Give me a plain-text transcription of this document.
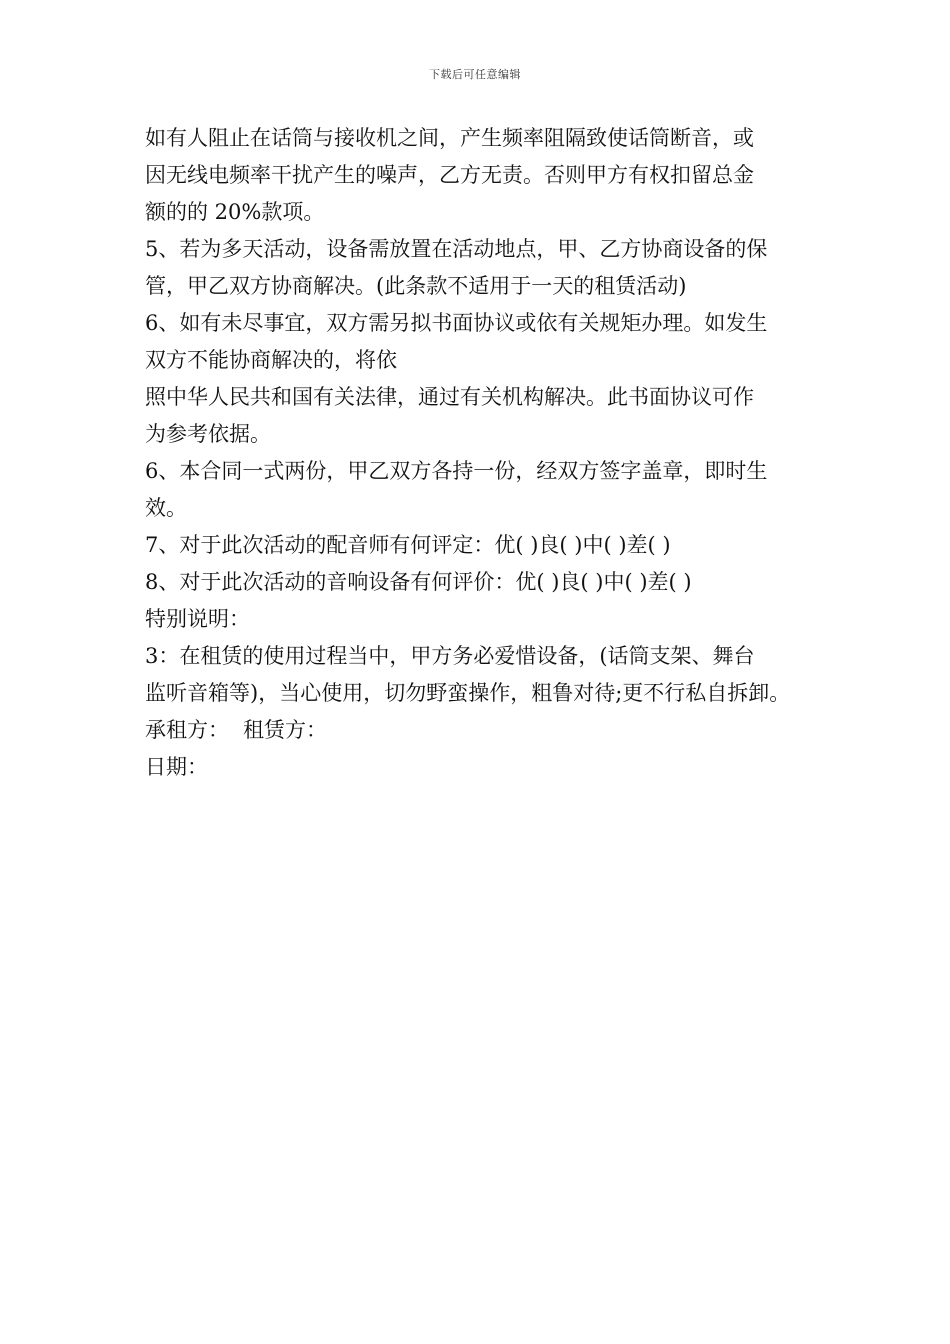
下载后可任意编辑
如有人阻止在话筒与接收机之间，产生频率阻隔致使话筒断音，或
因无线电频率干扰产生的噪声，乙方无责。否则甲方有权扣留总金
额的的 20%款项。
5、若为多天活动，设备需放置在活动地点，甲、乙方协商设备的保
管，甲乙双方协商解决。(此条款不适用于一天的租赁活动)
6、如有未尽事宜，双方需另拟书面协议或依有关规矩办理。如发生
双方不能协商解决的，将依
照中华人民共和国有关法律，通过有关机构解决。此书面协议可作
为参考依据。
6、本合同一式两份，甲乙双方各持一份，经双方签字盖章，即时生
效。
7、对于此次活动的配音师有何评定：优( )良( )中( )差( )
8、对于此次活动的音响设备有何评价：优( )良( )中( )差( )
特别说明：
3：在租赁的使用过程当中，甲方务必爱惜设备，(话筒支架、舞台
监听音箱等)，当心使用，切勿野蛮操作，粗鲁对待;更不行私自拆卸。
承租方： 租赁方：
日期：
